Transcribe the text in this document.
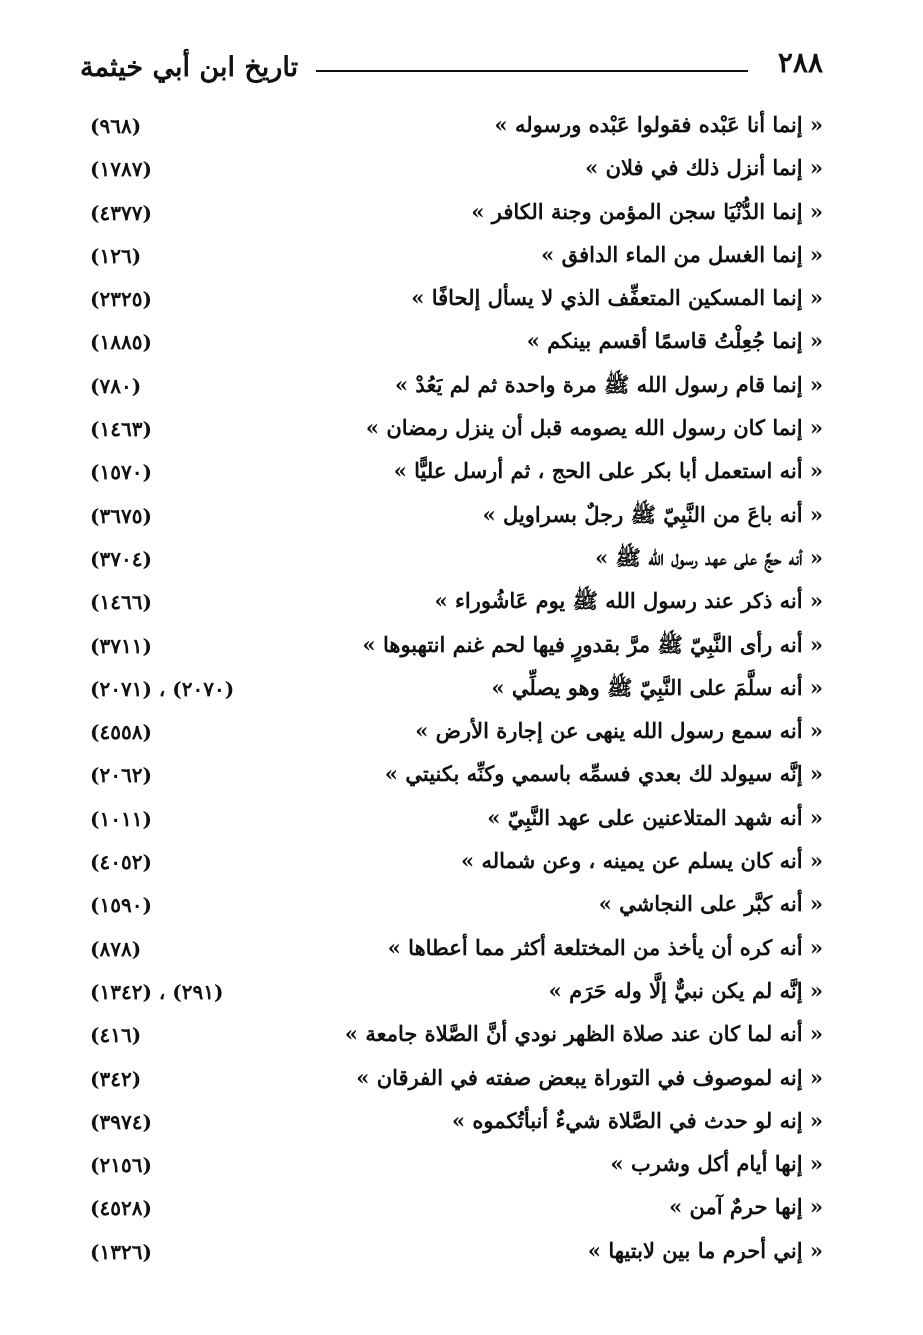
تاريخ ابن أبي خيثمة	٢٨٨
« إنما أنا عَبْده فقولوا عَبْده ورسوله »
(٩٦٨)
« إنما أنزل ذلك في فلان »
(١٧٨٧)
« إنما الدُّنْيَا سجن المؤمن وجنة الكافر »
(٤٣٧٧)
« إنما الغسل من الماء الدافق »
(١٢٦)
« إنما المسكين المتعفِّف الذي لا يسأل إلحافًا »
(٢٣٢٥)
« إنما جُعِلْتُ قاسمًا أقسم بينكم »
(١٨٨٥)
« إنما قام رسول الله ﷺ مرة واحدة ثم لم يَعُدْ »
(٧٨٠)
« إنما كان رسول الله يصومه قبل أن ينزل رمضان »
(١٤٦٣)
« أنه استعمل أبا بكر على الحج ، ثم أرسل عليًّا »
(١٥٧٠)
« أنه باعَ من النَّبِيّ ﷺ رجلٌ بسراويل »
(٣٦٧٥)
« أنه حجَّ على عهد رسول الله ﷺ »
(٣٧٠٤)
« أنه ذكر عند رسول الله ﷺ يوم عَاشُوراء »
(١٤٦٦)
« أنه رأى النَّبِيّ ﷺ مرَّ بقدورٍ فيها لحم غنم انتهبوها »
(٣٧١١)
« أنه سلَّمَ على النَّبِيّ ﷺ وهو يصلِّي »
(٢٠٧٠) ، (٢٠٧١)
« أنه سمع رسول الله ينهى عن إجارة الأرض »
(٤٥٥٨)
« إنَّه سيولد لك بعدي فسمِّه باسمي وكنِّه بكنيتي »
(٢٠٦٢)
« أنه شهد المتلاعنين على عهد النَّبِيّ »
(١٠١١)
« أنه كان يسلم عن يمينه ، وعن شماله »
(٤٠٥٢)
« أنه كبَّر على النجاشي »
(١٥٩٠)
« أنه كره أن يأخذ من المختلعة أكثر مما أعطاها »
(٨٧٨)
« إنَّه لم يكن نبيٌّ إلَّا وله حَرَم »
(٢٩١) ، (١٣٤٢)
« أنه لما كان عند صلاة الظهر نودي أنَّ الصَّلاة جامعة »
(٤١٦)
« إنه لموصوف في التوراة يبعض صفته في الفرقان »
(٣٤٢)
« إنه لو حدث في الصَّلاة شيءٌ أنبأتُكموه »
(٣٩٧٤)
« إنها أيام أكل وشرب »
(٢١٥٦)
« إنها حرمٌ آمن »
(٤٥٢٨)
« إني أحرم ما بين لابتيها »
(١٣٢٦)
